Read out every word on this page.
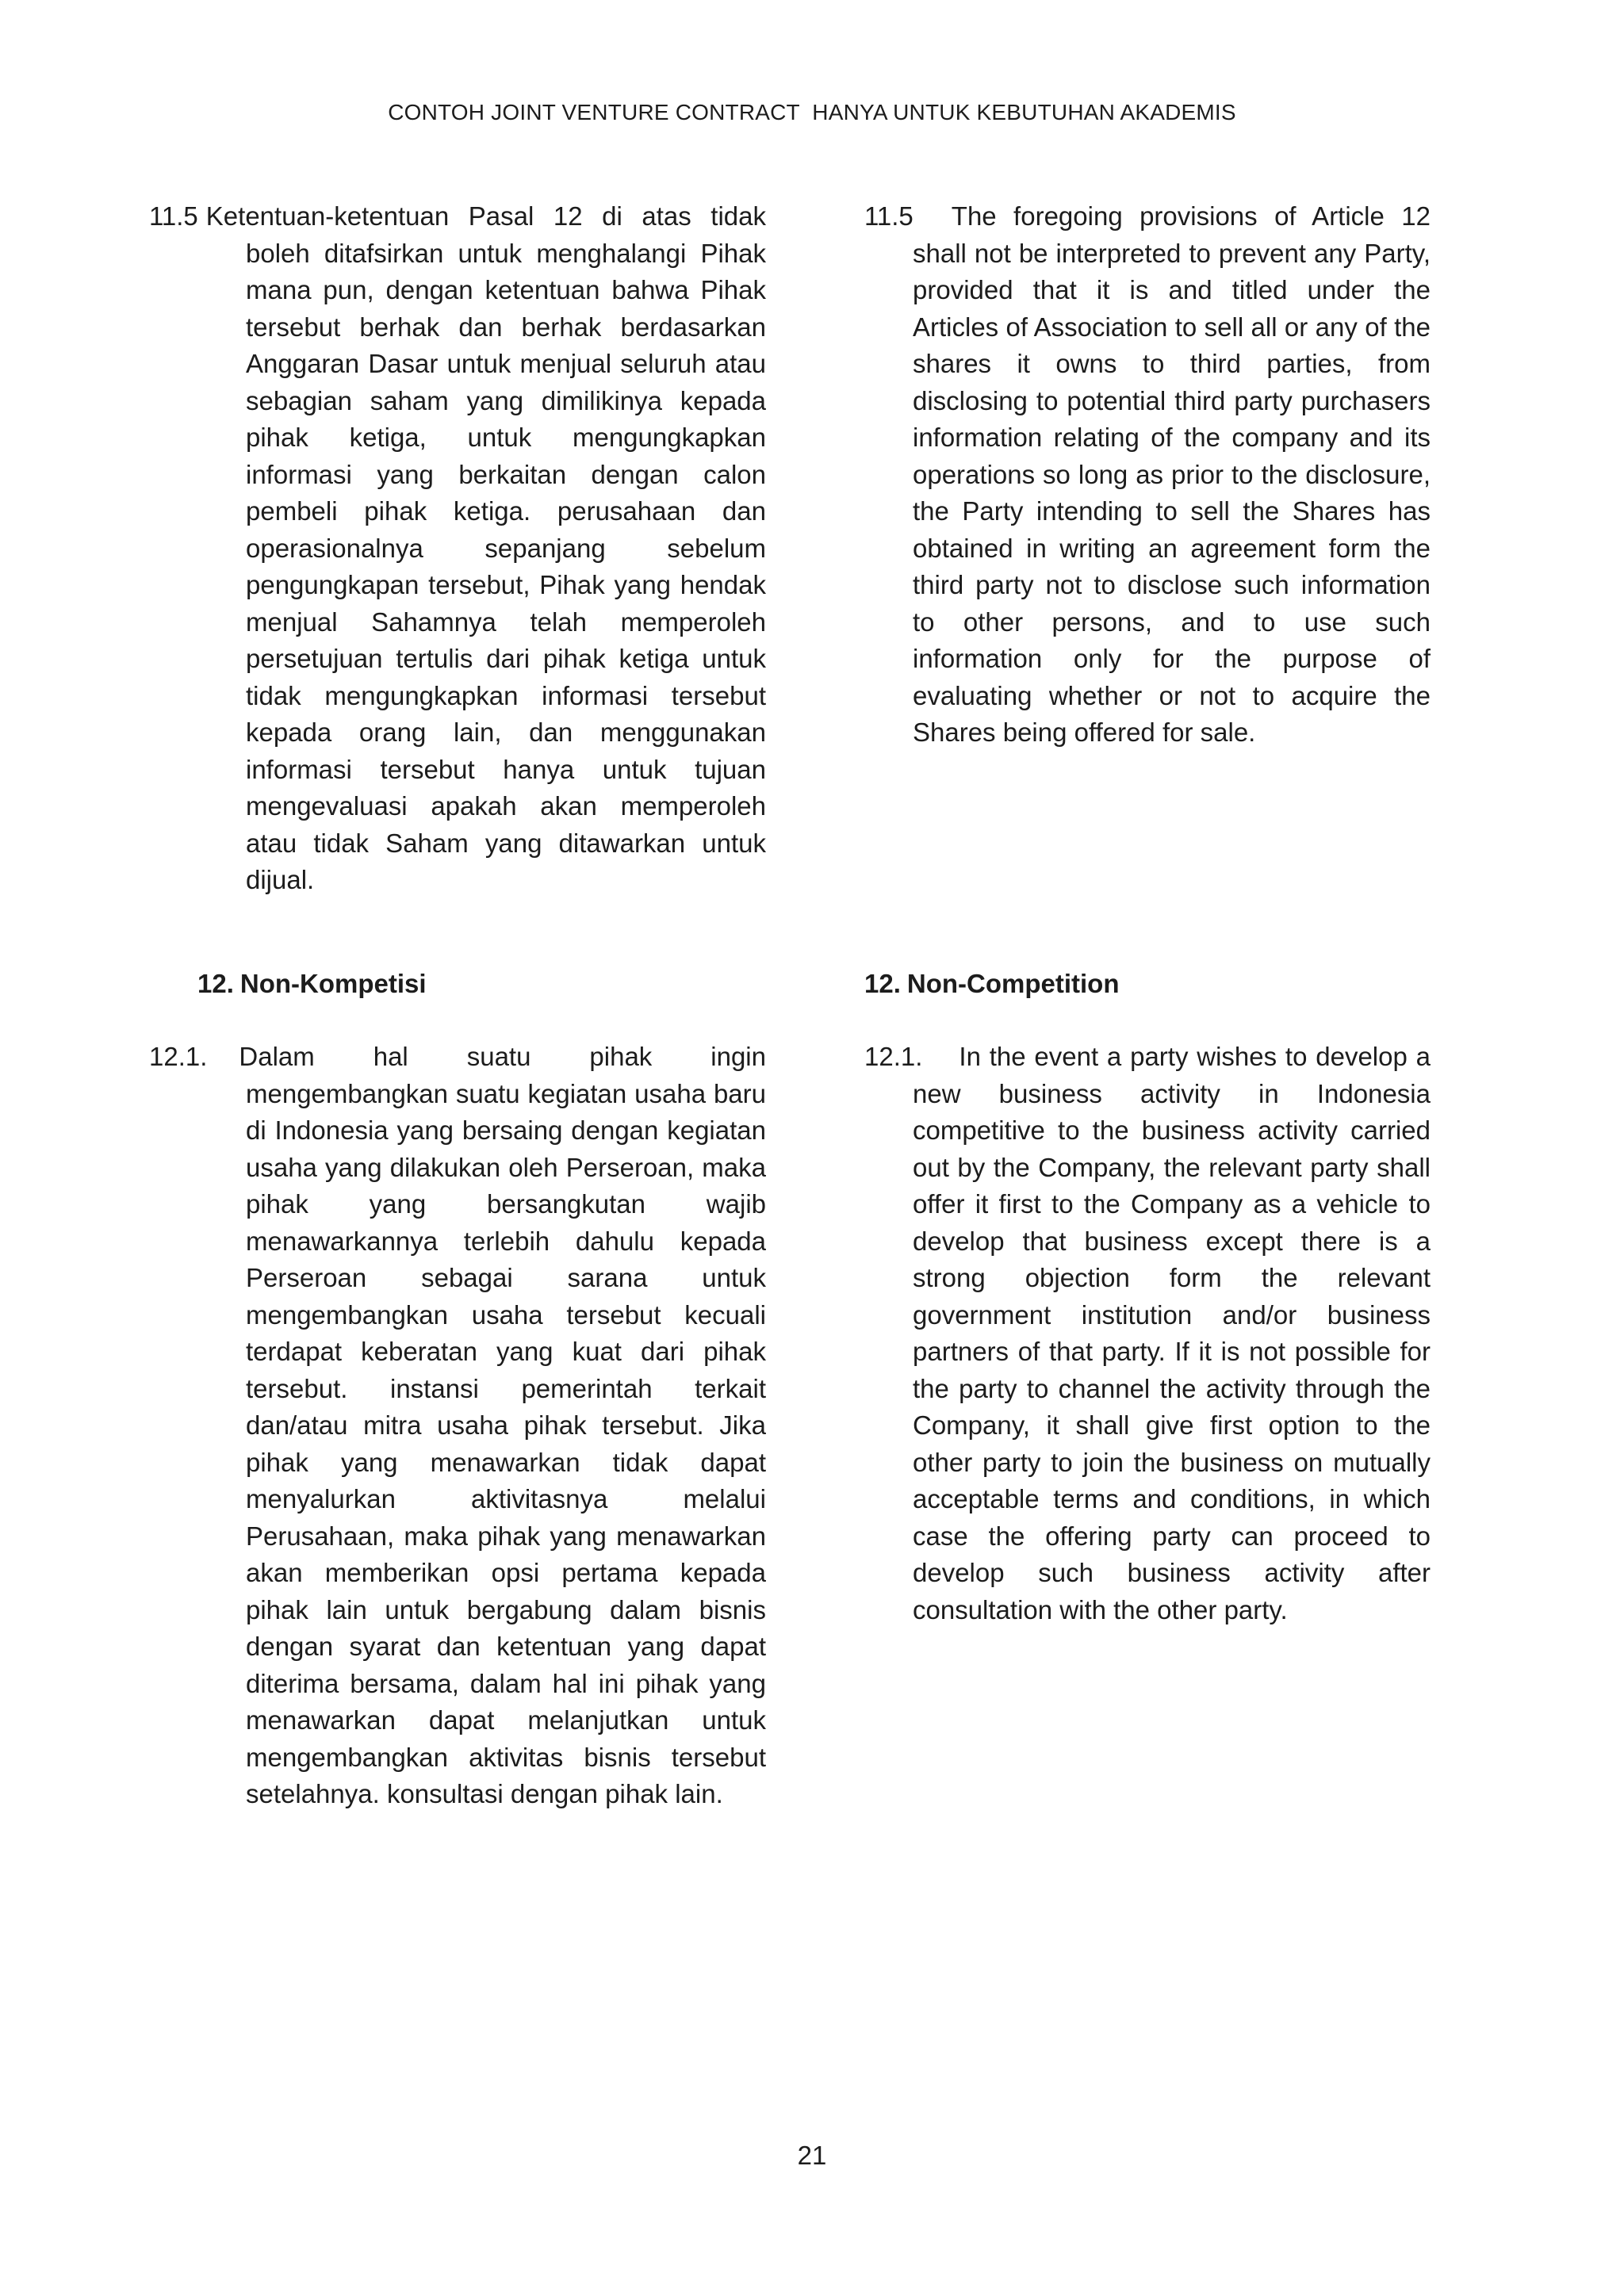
CONTOH JOINT VENTURE CONTRACT  HANYA UNTUK KEBUTUHAN AKADEMIS

11.5 Ketentuan-ketentuan Pasal 12 di atas tidak boleh ditafsirkan untuk menghalangi Pihak mana pun, dengan ketentuan bahwa Pihak tersebut berhak dan berhak berdasarkan Anggaran Dasar untuk menjual seluruh atau sebagian saham yang dimilikinya kepada pihak ketiga, untuk mengungkapkan informasi yang berkaitan dengan calon pembeli pihak ketiga. perusahaan dan operasionalnya sepanjang sebelum pengungkapan tersebut, Pihak yang hendak menjual Sahamnya telah memperoleh persetujuan tertulis dari pihak ketiga untuk tidak mengungkapkan informasi tersebut kepada orang lain, dan menggunakan informasi tersebut hanya untuk tujuan mengevaluasi apakah akan memperoleh atau tidak Saham yang ditawarkan untuk dijual.

12. Non-Kompetisi

12.1. Dalam hal suatu pihak ingin mengembangkan suatu kegiatan usaha baru di Indonesia yang bersaing dengan kegiatan usaha yang dilakukan oleh Perseroan, maka pihak yang bersangkutan wajib menawarkannya terlebih dahulu kepada Perseroan sebagai sarana untuk mengembangkan usaha tersebut kecuali terdapat keberatan yang kuat dari pihak tersebut. instansi pemerintah terkait dan/atau mitra usaha pihak tersebut. Jika pihak yang menawarkan tidak dapat menyalurkan aktivitasnya melalui Perusahaan, maka pihak yang menawarkan akan memberikan opsi pertama kepada pihak lain untuk bergabung dalam bisnis dengan syarat dan ketentuan yang dapat diterima bersama, dalam hal ini pihak yang menawarkan dapat melanjutkan untuk mengembangkan aktivitas bisnis tersebut setelahnya. konsultasi dengan pihak lain.

11.5 The foregoing provisions of Article 12 shall not be interpreted to prevent any Party, provided that it is and titled under the Articles of Association to sell all or any of the shares it owns to third parties, from disclosing to potential third party purchasers information relating of the company and its operations so long as prior to the disclosure, the Party intending to sell the Shares has obtained in writing an agreement form the third party not to disclose such information to other persons, and to use such information only for the purpose of evaluating whether or not to acquire the Shares being offered for sale.

12. Non-Competition

12.1. In the event a party wishes to develop a new business activity in Indonesia competitive to the business activity carried out by the Company, the relevant party shall offer it first to the Company as a vehicle to develop that business except there is a strong objection form the relevant government institution and/or business partners of that party. If it is not possible for the party to channel the activity through the Company, it shall give first option to the other party to join the business on mutually acceptable terms and conditions, in which case the offering party can proceed to develop such business activity after consultation with the other party.

21
